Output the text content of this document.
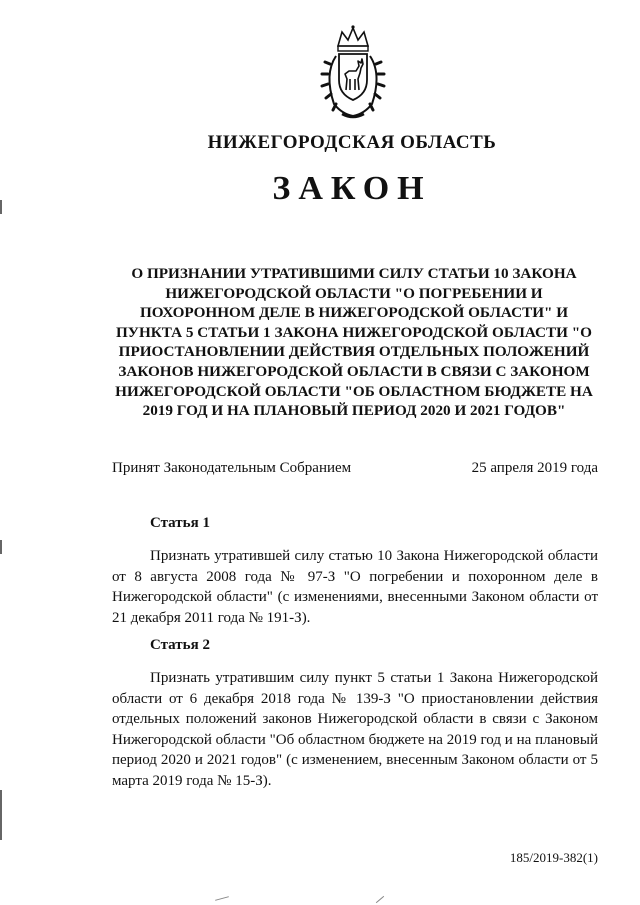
НИЖЕГОРОДСКАЯ ОБЛАСТЬ
ЗАКОН

О ПРИЗНАНИИ УТРАТИВШИМИ СИЛУ СТАТЬИ 10 ЗАКОНА НИЖЕГОРОДСКОЙ ОБЛАСТИ "О ПОГРЕБЕНИИ И ПОХОРОННОМ ДЕЛЕ В НИЖЕГОРОДСКОЙ ОБЛАСТИ" И ПУНКТА 5 СТАТЬИ 1 ЗАКОНА НИЖЕГОРОДСКОЙ ОБЛАСТИ "О ПРИОСТАНОВЛЕНИИ ДЕЙСТВИЯ ОТДЕЛЬНЫХ ПОЛОЖЕНИЙ ЗАКОНОВ НИЖЕГОРОДСКОЙ ОБЛАСТИ В СВЯЗИ С ЗАКОНОМ НИЖЕГОРОДСКОЙ ОБЛАСТИ "ОБ ОБЛАСТНОМ БЮДЖЕТЕ НА 2019 ГОД И НА ПЛАНОВЫЙ ПЕРИОД 2020 И 2021 ГОДОВ"

Принят Законодательным Собранием	25 апреля 2019 года
Статья 1

Признать утратившей силу статью 10 Закона Нижегородской области от 8 августа 2008 года № 97-З "О погребении и похоронном деле в Нижегородской области" (с изменениями, внесенными Законом области от 21 декабря 2011 года № 191-З).

Статья 2

Признать утратившим силу пункт 5 статьи 1 Закона Нижегородской области от 6 декабря 2018 года № 139-З "О приостановлении действия отдельных положений законов Нижегородской области в связи с Законом Нижегородской области "Об областном бюджете на 2019 год и на плановый период 2020 и 2021 годов" (с изменением, внесенным Законом области от 5 марта 2019 года № 15-З).

185/2019-382(1)
